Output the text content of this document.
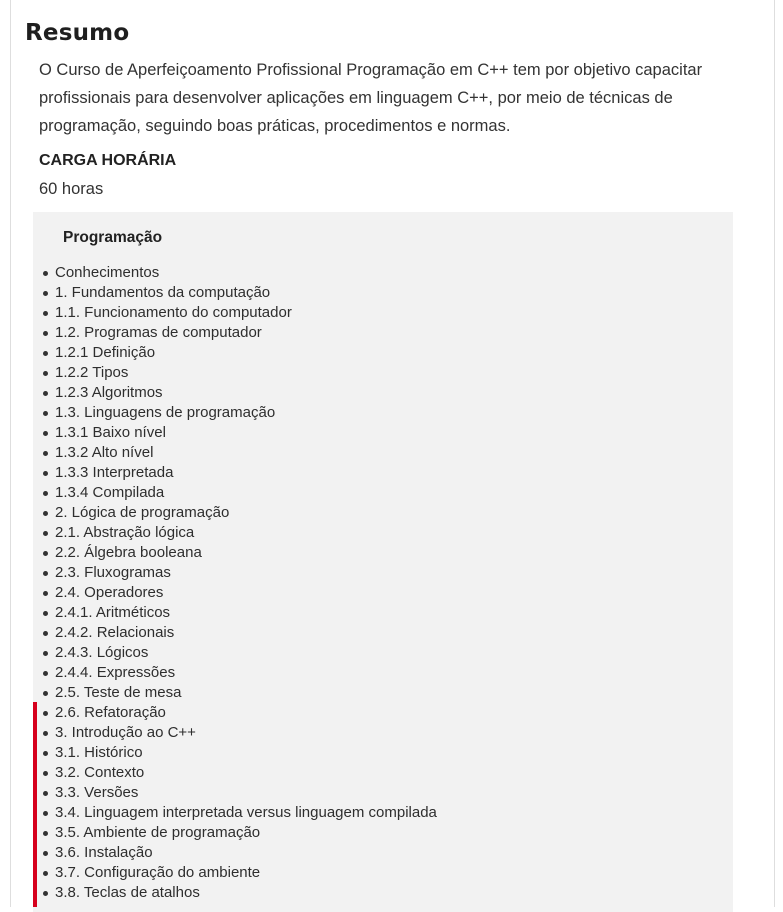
Resumo

O Curso de Aperfeiçoamento Profissional Programação em C++ tem por objetivo capacitar profissionais para desenvolver aplicações em linguagem C++, por meio de técnicas de programação, seguindo boas práticas, procedimentos e normas.

CARGA HORÁRIA

60 horas

Programação
Conhecimentos
1. Fundamentos da computação
1.1. Funcionamento do computador
1.2. Programas de computador
1.2.1 Definição
1.2.2 Tipos
1.2.3 Algoritmos
1.3. Linguagens de programação
1.3.1 Baixo nível
1.3.2 Alto nível
1.3.3 Interpretada
1.3.4 Compilada
2. Lógica de programação
2.1. Abstração lógica
2.2. Álgebra booleana
2.3. Fluxogramas
2.4. Operadores
2.4.1. Aritméticos
2.4.2. Relacionais
2.4.3. Lógicos
2.4.4. Expressões
2.5. Teste de mesa
2.6. Refatoração
3. Introdução ao C++
3.1. Histórico
3.2. Contexto
3.3. Versões
3.4. Linguagem interpretada versus linguagem compilada
3.5. Ambiente de programação
3.6. Instalação
3.7. Configuração do ambiente
3.8. Teclas de atalhos
